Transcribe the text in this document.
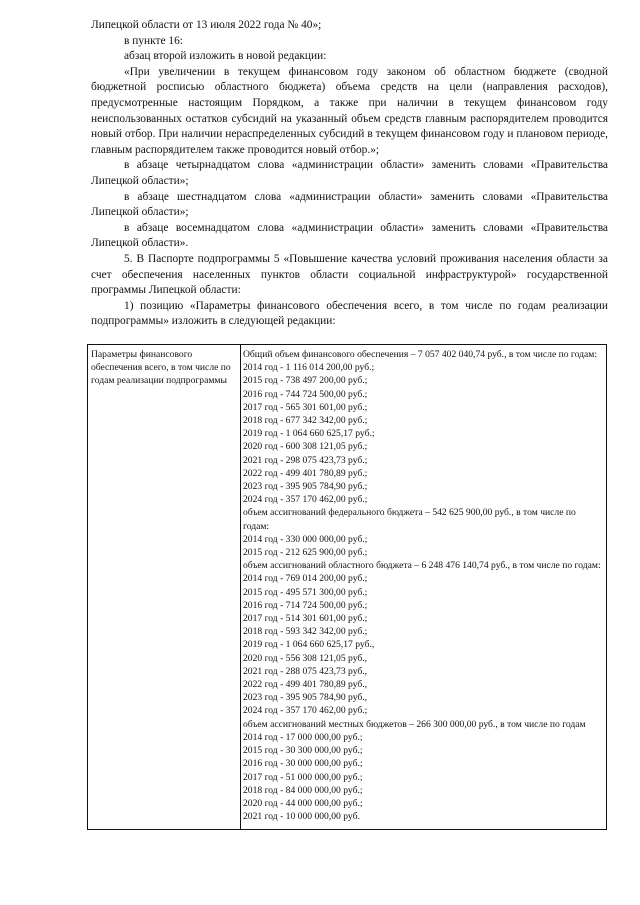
Липецкой области от 13 июля 2022 года № 40»;

в пункте 16:

абзац второй изложить в новой редакции:

«При увеличении в текущем финансовом году законом об областном бюджете (сводной бюджетной росписью областного бюджета) объема средств на цели (направления расходов), предусмотренные настоящим Порядком, а также при наличии в текущем финансовом году неиспользованных остатков субсидий на указанный объем средств главным распорядителем проводится новый отбор. При наличии нераспределенных субсидий в текущем финансовом году и плановом периоде, главным распорядителем также проводится новый отбор.»;

в абзаце четырнадцатом слова «администрации области» заменить словами «Правительства Липецкой области»;

в абзаце шестнадцатом слова «администрации области» заменить словами «Правительства Липецкой области»;

в абзаце восемнадцатом слова «администрации области» заменить словами «Правительства Липецкой области».

5. В Паспорте подпрограммы 5 «Повышение качества условий проживания населения области за счет обеспечения населенных пунктов области социальной инфраструктурой» государственной программы Липецкой области:

1) позицию «Параметры финансового обеспечения всего, в том числе по годам реализации подпрограммы» изложить в следующей редакции:

Параметры финансового обеспечения всего, в том числе по годам реализации подпрограммы

Общий объем финансового обеспечения – 7 057 402 040,74 руб., в том числе по годам:

2014 год - 1 116 014 200,00 руб.;

2015 год - 738 497 200,00 руб.;

2016 год - 744 724 500,00 руб.;

2017 год - 565 301 601,00 руб.;

2018 год - 677 342 342,00 руб.;

2019 год - 1 064 660 625,17 руб.;

2020 год - 600 308 121,05 руб.;

2021 год - 298 075 423,73 руб.;

2022 год - 499 401 780,89 руб.;

2023 год - 395 905 784,90 руб.;

2024 год - 357 170 462,00 руб.;

объем ассигнований федерального бюджета – 542 625 900,00 руб., в том числе по годам:

2014 год - 330 000 000,00 руб.;

2015 год - 212 625 900,00 руб.;

объем ассигнований областного бюджета – 6 248 476 140,74 руб., в том числе по годам:

2014 год - 769 014 200,00 руб.;

2015 год - 495 571 300,00 руб.;

2016 год - 714 724 500,00 руб.;

2017 год - 514 301 601,00 руб.;

2018 год - 593 342 342,00 руб.;

2019 год - 1 064 660 625,17 руб.,

2020 год - 556 308 121,05 руб.,

2021 год - 288 075 423,73 руб.,

2022 год - 499 401 780,89 руб.,

2023 год - 395 905 784,90 руб.,

2024 год - 357 170 462,00 руб.;

объем ассигнований местных бюджетов – 266 300 000,00 руб., в том числе по годам

2014 год - 17 000 000,00 руб.;

2015 год - 30 300 000,00 руб.;

2016 год - 30 000 000,00 руб.;

2017 год - 51 000 000,00 руб.;

2018 год - 84 000 000,00 руб.;

2020 год - 44 000 000,00 руб.;

2021 год - 10 000 000,00 руб.
